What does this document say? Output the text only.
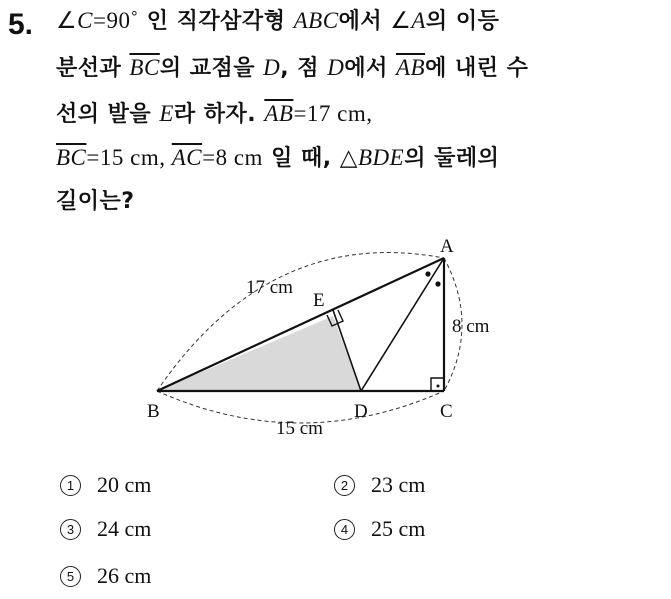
5. ∠C=90˚ 인 직각삼각형 ABC에서 ∠A의 이등
분선과 $\overline{BC}$의 교점을 D, 점 D에서 $\overline{AB}$에 내린 수
선의 발을 E라 하자. $\overline{AB}=17$ cm,
$\overline{BC}=15$ cm, $\overline{AC}=8$ cm 일 때, △BDE의 둘레의
길이는?
A
B	C
D
E
17 cm
8 cm
15 cm
1	20 cm	2	23 cm
3	24 cm	4	25 cm
5	26 cm
